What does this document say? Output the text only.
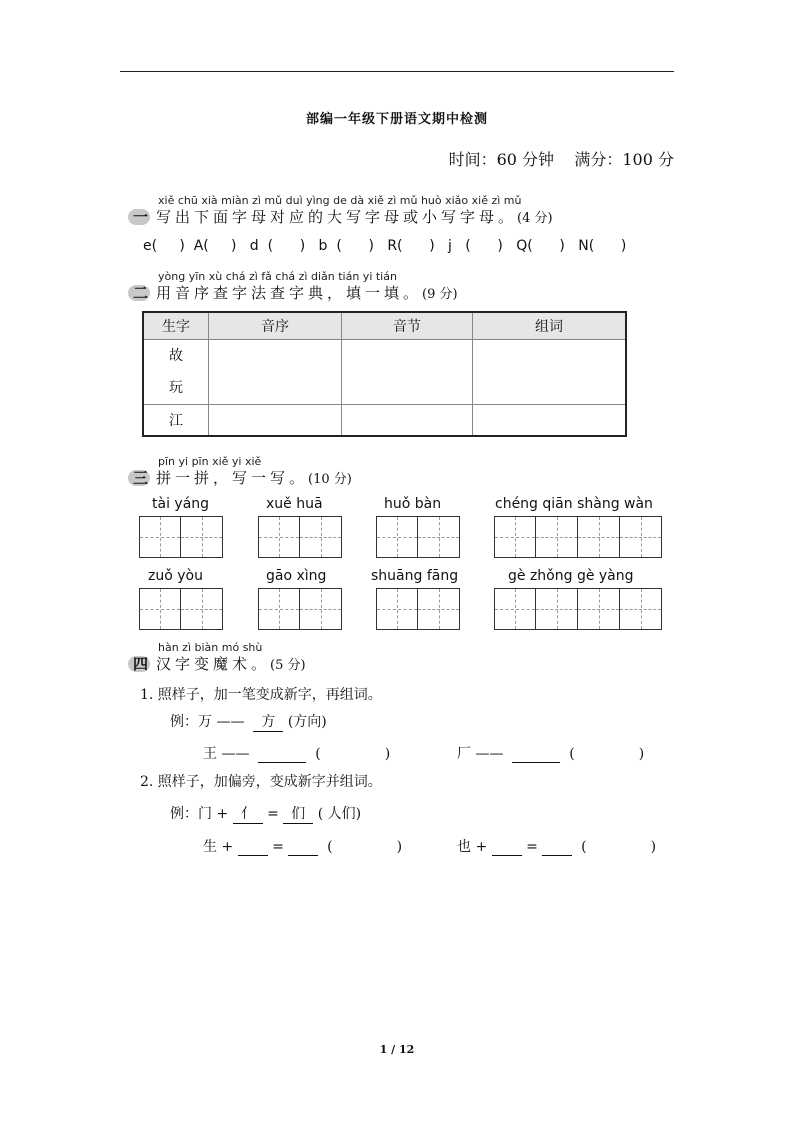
部编一年级下册语文期中检测
时间：60 分钟 满分：100 分
xiě chū xià miàn zì mǔ duì yìng de dà xiě zì mǔ huò xiǎo xiě zì mǔ
一 写出下面字母对应的大写字母或小写字母。(4 分)
e(     )  A(     )   d  (      )   b  (      )   R(      )   j   (      )   Q(      )   N(      )
yòng yīn xù chá zì fǎ chá zì diǎn tián yi tián
二 用音序查字法查字典，填一填。(9 分)
生字	音序	音节	组词

故
玩			

江			
pīn yi pīn xiě yi xiě
三 拼一拼，写一写。(10 分)
tài yáng	xuě huā	huǒ bàn	chéng qiān shàng wàn
zuǒ yòu	gāo xìng	shuāng fāng	gè zhǒng gè yàng
hàn zì biàn mó shù
四 汉字变魔术。(5 分)
1. 照样子，加一笔变成新字，再组词。
例：万 —— 方 (方向)
王 ——	(	)	厂 ——	(	)
2. 照样子，加偏旁，变成新字并组词。
例：门 + 亻 = 们 ( 人们)
生 +   =    (	)	也 +   =    (	)
1 / 12
